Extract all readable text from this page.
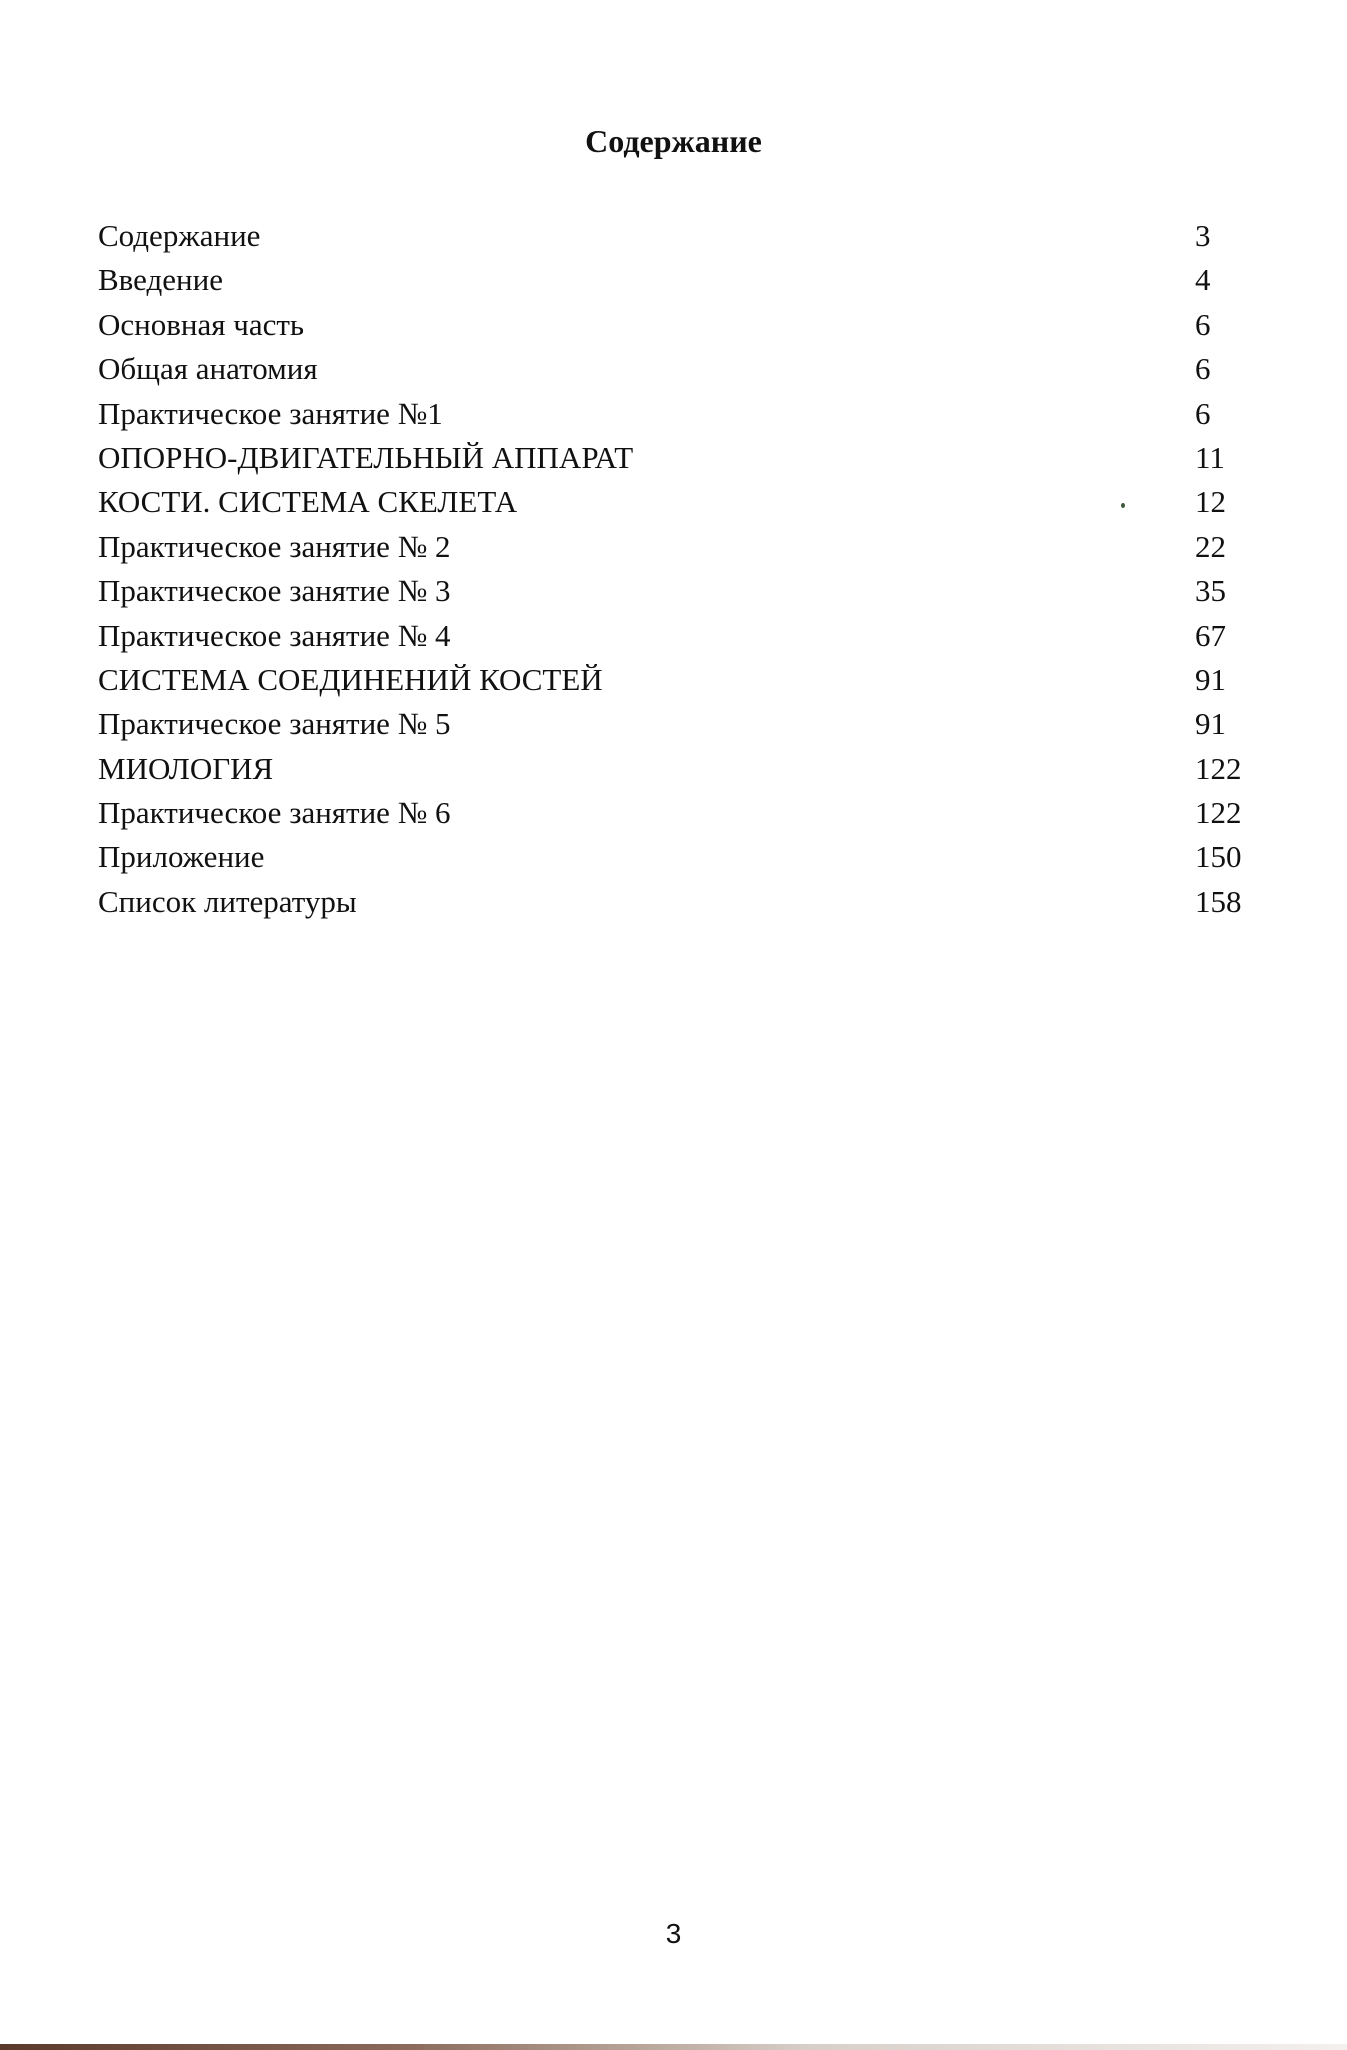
Содержание
Содержание	3
Введение	4
Основная часть	6
Общая анатомия	6
Практическое занятие №1	6
ОПОРНО-ДВИГАТЕЛЬНЫЙ АППАРАТ	11
КОСТИ. СИСТЕМА СКЕЛЕТА	12
Практическое занятие № 2	22
Практическое занятие № 3	35
Практическое занятие № 4	67
СИСТЕМА СОЕДИНЕНИЙ КОСТЕЙ	91
Практическое занятие № 5	91
МИОЛОГИЯ	122
Практическое занятие № 6	122
Приложение	150
Список литературы	158
3
